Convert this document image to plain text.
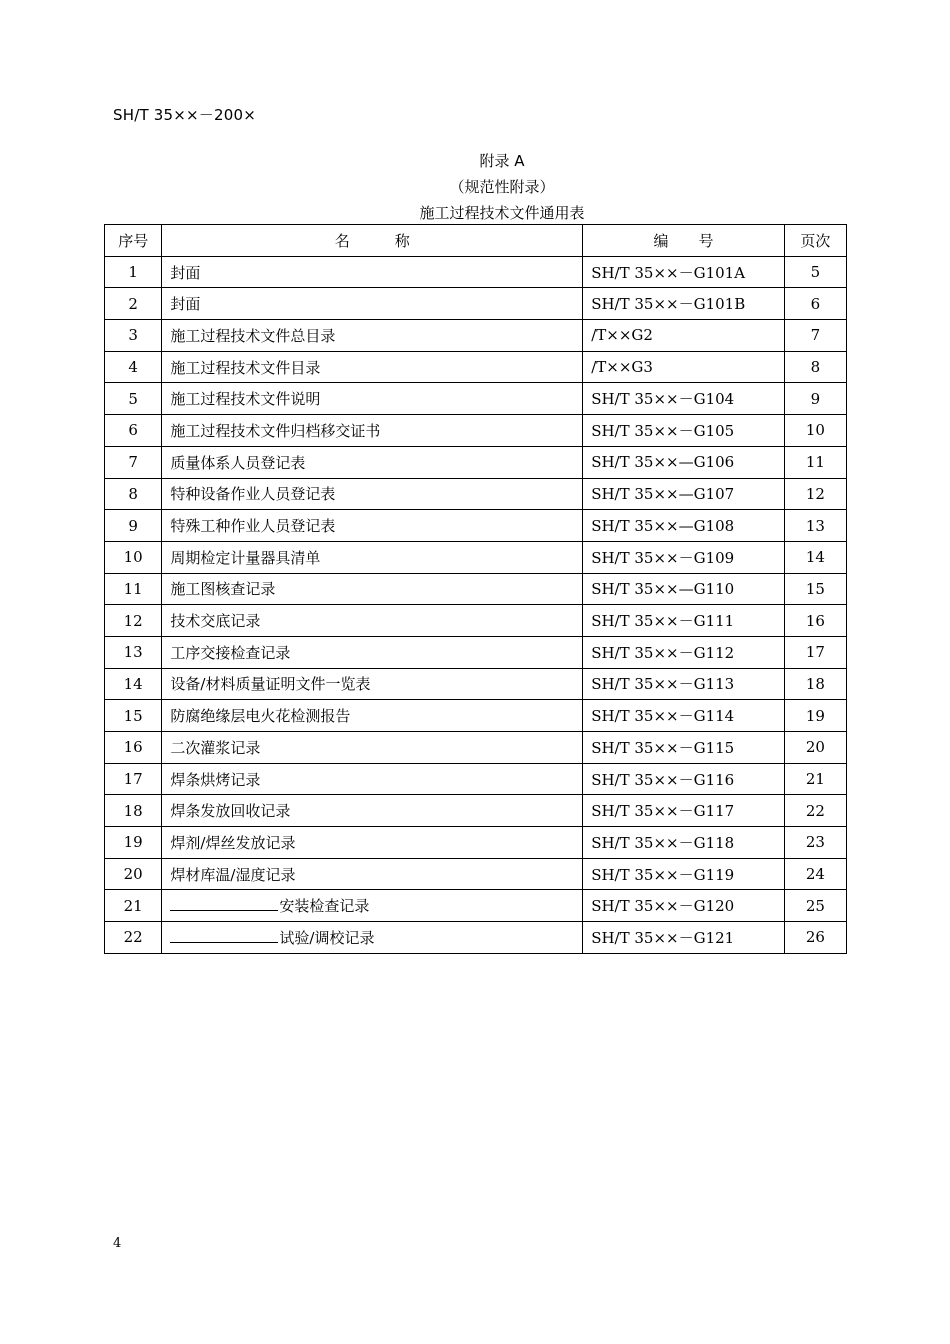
SH/T 35××－200×
附录 A
（规范性附录）
施工过程技术文件通用表
序号	名　　　称	编　　号	页次
1	封面	SH/T 35××－G101A	5
2	封面	SH/T 35××－G101B	6
3	施工过程技术文件总目录	/T××G2	7
4	施工过程技术文件目录	/T××G3	8
5	施工过程技术文件说明	SH/T 35××－G104	9
6	施工过程技术文件归档移交证书	SH/T 35××－G105	10
7	质量体系人员登记表	SH/T 35××—G106	11
8	特种设备作业人员登记表	SH/T 35××—G107	12
9	特殊工种作业人员登记表	SH/T 35××—G108	13
10	周期检定计量器具清单	SH/T 35××－G109	14
11	施工图核查记录	SH/T 35××—G110	15
12	技术交底记录	SH/T 35××－G111	16
13	工序交接检查记录	SH/T 35××－G112	17
14	设备/材料质量证明文件一览表	SH/T 35××－G113	18
15	防腐绝缘层电火花检测报告	SH/T 35××－G114	19
16	二次灌浆记录	SH/T 35××－G115	20
17	焊条烘烤记录	SH/T 35××－G116	21
18	焊条发放回收记录	SH/T 35××－G117	22
19	焊剂/焊丝发放记录	SH/T 35××－G118	23
20	焊材库温/湿度记录	SH/T 35××－G119	24
21	安装检查记录	SH/T 35××－G120	25
22	试验/调校记录	SH/T 35××－G121	26
4
